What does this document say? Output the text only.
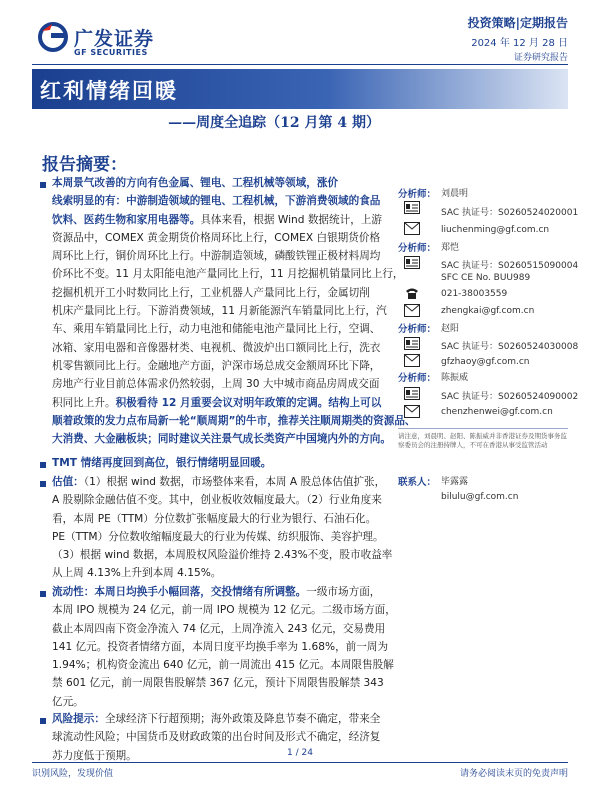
广发证券
GF SECURITIES
投资策略|定期报告
2024 年 12 月 28 日
证券研究报告
红利情绪回暖
——周度全追踪（12 月第 4 期）
报告摘要：
本周景气改善的方向有色金属、锂电、工程机械等领域，涨价
线索明显的有：中游制造领域的锂电、工程机械，下游消费领域的食品
饮料、医药生物和家用电器等。具体来看，根据 Wind 数据统计，上游
资源品中，COMEX 黄金期货价格周环比上行，COMEX 白银期货价格
周环比上行，铜价周环比上行。中游制造领域，磷酸铁锂正极材料周均
价环比不变。11 月太阳能电池产量同比上行，11 月挖掘机销量同比上行，
挖掘机机开工小时数同比上行，工业机器人产量同比上行，金属切削
机床产量同比上行。下游消费领域，11 月新能源汽车销量同比上行，汽
车、乘用车销量同比上行，动力电池和储能电池产量同比上行，空调、
冰箱、家用电器和音像器材类、电视机、微波炉出口额同比上行，洗衣
机零售额同比上行。金融地产方面，沪深市场总成交金额周环比下降，
房地产行业目前总体需求仍然较弱，上周 30 大中城市商品房周成交面
积同比上升。积极看待 12 月重要会议对明年政策的定调。结构上可以
顺着政策的发力点布局新一轮“顺周期”的牛市，推荐关注顺周期类的资源品、
大消费、大金融板块；同时建议关注景气成长类资产中国境内外的方向。
TMT 情绪再度回到高位，银行情绪明显回暖。
估值：（1）根据 wind 数据，市场整体来看，本周 A 股总体估值扩张，
A 股剔除金融估值不变。其中，创业板收效幅度最大。（2）行业角度来
看，本周 PE（TTM）分位数扩张幅度最大的行业为银行、石油石化。
PE（TTM）分位数收缩幅度最大的行业为传媒、纺织服饰、美容护理。
（3）根据 wind 数据，本周股权风险溢价维持 2.43%不变，股市收益率
从上周 4.13%上升到本周 4.15%。
流动性：本周日均换手小幅回落，交投情绪有所调整。一级市场方面，
本周 IPO 规模为 24 亿元，前一周 IPO 规模为 12 亿元。二级市场方面，
截止本周四南下资金净流入 74 亿元，上周净流入 243 亿元，交易费用
141 亿元。投资者情绪方面，本周日度平均换手率为 1.68%，前一周为
1.94%；机构资金流出 640 亿元，前一周流出 415 亿元。本周限售股解
禁 601 亿元，前一周限售股解禁 367 亿元，预计下周限售股解禁 343
亿元。
风险提示：全球经济下行超预期；海外政策及降息节奏不确定，带来全
球流动性风险；中国货币及财政政策的出台时间及形式不确定，经济复
苏力度低于预期。
分析师： 刘晨明
SAC 执证号：S0260524020001
liuchenming@gf.com.cn
分析师： 郑恺
SAC 执证号：S0260515090004
SFC CE No. BUU989
021-38003559
zhengkai@gf.com.cn
分析师： 赵阳
SAC 执证号：S0260524030008
gfzhaoy@gf.com.cn
分析师： 陈振威
SAC 执证号：S0260524090002
chenzhenwei@gf.com.cn
请注意，刘晨明、赵阳、陈振威并非香港证券及期货事务监察委员会的注册持牌人，不可在香港从事受监管活动
联系人： 毕露露
bilulu@gf.com.cn
1 / 24
识别风险，发现价值	请务必阅读末页的免责声明
